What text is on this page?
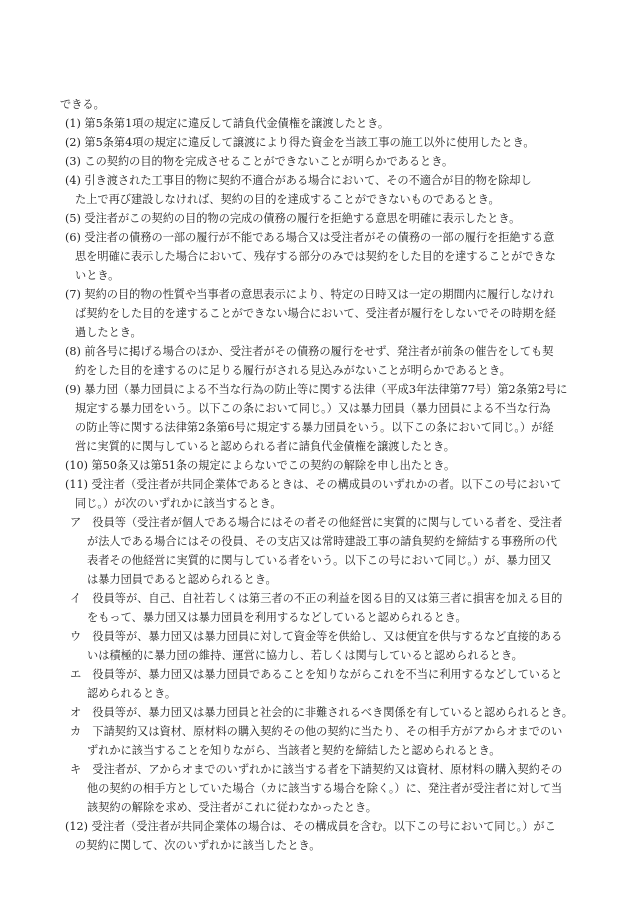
できる。
(1) 第5条第1項の規定に違反して請負代金債権を譲渡したとき。
(2) 第5条第4項の規定に違反して譲渡により得た資金を当該工事の施工以外に使用したとき。
(3) この契約の目的物を完成させることができないことが明らかであるとき。
(4) 引き渡された工事目的物に契約不適合がある場合において、その不適合が目的物を除却し
た上で再び建設しなければ、契約の目的を達成することができないものであるとき。
(5) 受注者がこの契約の目的物の完成の債務の履行を拒絶する意思を明確に表示したとき。
(6) 受注者の債務の一部の履行が不能である場合又は受注者がその債務の一部の履行を拒絶する意
思を明確に表示した場合において、残存する部分のみでは契約をした目的を達することができな
いとき。
(7) 契約の目的物の性質や当事者の意思表示により、特定の日時又は一定の期間内に履行しなけれ
ば契約をした目的を達することができない場合において、受注者が履行をしないでその時期を経
過したとき。
(8) 前各号に掲げる場合のほか、受注者がその債務の履行をせず、発注者が前条の催告をしても契
約をした目的を達するのに足りる履行がされる見込みがないことが明らかであるとき。
(9) 暴力団（暴力団員による不当な行為の防止等に関する法律（平成3年法律第77号）第2条第2号に
規定する暴力団をいう。以下この条において同じ。）又は暴力団員（暴力団員による不当な行為
の防止等に関する法律第2条第6号に規定する暴力団員をいう。以下この条において同じ。）が経
営に実質的に関与していると認められる者に請負代金債権を譲渡したとき。
(10) 第50条又は第51条の規定によらないでこの契約の解除を申し出たとき。
(11) 受注者（受注者が共同企業体であるときは、その構成員のいずれかの者。以下この号において
同じ。）が次のいずれかに該当するとき。
ア　役員等（受注者が個人である場合にはその者その他経営に実質的に関与している者を、受注者
が法人である場合にはその役員、その支店又は常時建設工事の請負契約を締結する事務所の代
表者その他経営に実質的に関与している者をいう。以下この号において同じ。）が、暴力団又
は暴力団員であると認められるとき。
イ　役員等が、自己、自社若しくは第三者の不正の利益を図る目的又は第三者に損害を加える目的
をもって、暴力団又は暴力団員を利用するなどしていると認められるとき。
ウ　役員等が、暴力団又は暴力団員に対して資金等を供給し、又は便宜を供与するなど直接的ある
いは積極的に暴力団の維持、運営に協力し、若しくは関与していると認められるとき。
エ　役員等が、暴力団又は暴力団員であることを知りながらこれを不当に利用するなどしていると
認められるとき。
オ　役員等が、暴力団又は暴力団員と社会的に非難されるべき関係を有していると認められるとき。
カ　下請契約又は資材、原材料の購入契約その他の契約に当たり、その相手方がアからオまでのい
ずれかに該当することを知りながら、当該者と契約を締結したと認められるとき。
キ　受注者が、アからオまでのいずれかに該当する者を下請契約又は資材、原材料の購入契約その
他の契約の相手方としていた場合（カに該当する場合を除く。）に、発注者が受注者に対して当
該契約の解除を求め、受注者がこれに従わなかったとき。
(12) 受注者（受注者が共同企業体の場合は、その構成員を含む。以下この号において同じ。）がこ
の契約に関して、次のいずれかに該当したとき。
